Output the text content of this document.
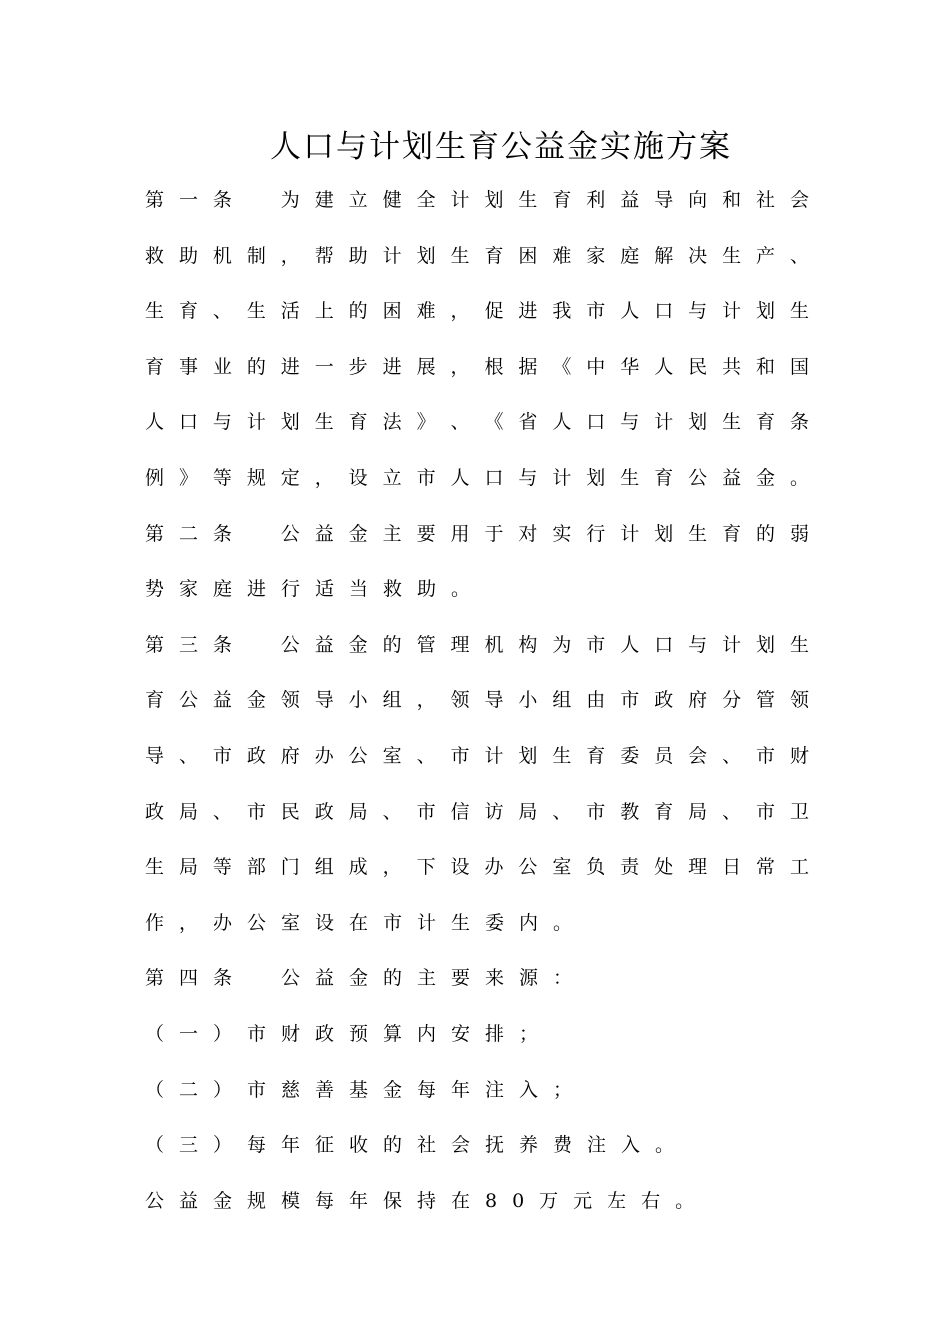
人口与计划生育公益金实施方案
第 一 条 　 为 建 立 健 全 计 划 生 育 利 益 导 向 和 社 会
救 助 机 制 ， 帮 助 计 划 生 育 困 难 家 庭 解 决 生 产 、
生 育 、 生 活 上 的 困 难 ， 促 进 我 市 人 口 与 计 划 生
育 事 业 的 进 一 步 进 展 ， 根 据 《 中 华 人 民 共 和 国
人 口 与 计 划 生 育 法 》 、 《 省 人 口 与 计 划 生 育 条
例 》 等 规 定 ， 设 立 市 人 口 与 计 划 生 育 公 益 金 。
第 二 条 　 公 益 金 主 要 用 于 对 实 行 计 划 生 育 的 弱
势家庭进行适当救助。
第 三 条 　 公 益 金 的 管 理 机 构 为 市 人 口 与 计 划 生
育 公 益 金 领 导 小 组 ， 领 导 小 组 由 市 政 府 分 管 领
导 、 市 政 府 办 公 室 、 市 计 划 生 育 委 员 会 、 市 财
政 局 、 市 民 政 局 、 市 信 访 局 、 市 教 育 局 、 市 卫
生 局 等 部 门 组 成 ， 下 设 办 公 室 负 责 处 理 日 常 工
作，办公室设在市计生委内。
第四条　公益金的主要来源：
（一）市财政预算内安排；
（二）市慈善基金每年注入；
（三）每年征收的社会抚养费注入。
公益金规模每年保持在80万元左右。
